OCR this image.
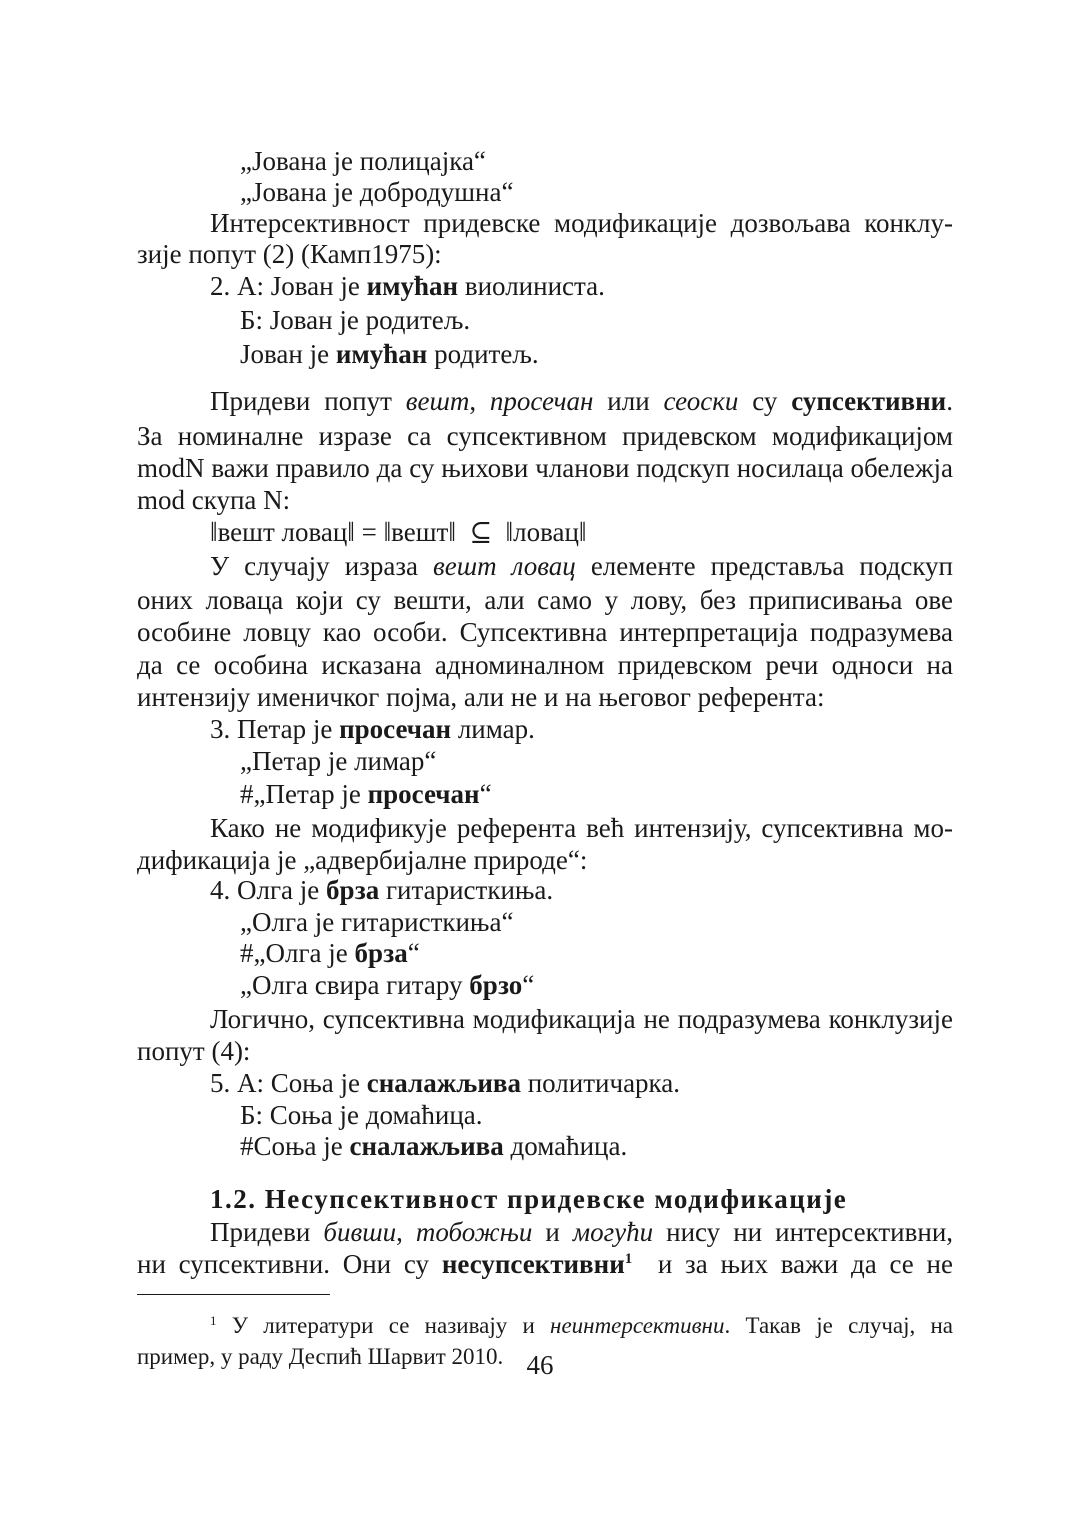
„Јована је полицајка“
„Јована је добродушна“
Интерсективност придевске модификације дозвољава конклу-
зије попут (2) (Камп1975):
2. А: Јован је имућан виолиниста.
Б: Јован је родитељ.
Јован је имућан родитељ.
Придеви попут вешт, просечан или сеоски су супсективни.
За номиналне изразе са супсективном придевском модификацијом
modN важи правило да су њихови чланови подскуп носилаца обележја
mod скупа N:
‖вешт ловац‖ = ‖вешт‖  ⊆  ‖ловац‖
У случају израза вешт ловац елементе представља подскуп
оних ловаца који су вешти, али само у лову, без приписивања ове
особине ловцу као особи. Супсективна интерпретација подразумева
да се особина исказана адноминалном придевском речи односи на
интензију именичког појма, али не и на његовог референта:
3. Петар је просечан лимар.
„Петар је лимар“
#„Петар је просечан“
Како не модификује референта већ интензију, супсективна мо-
дификација је „адвербијалне природе“:
4. Олга је брза гитаристкиња.
„Олга је гитаристкиња“
#„Олга је брза“
„Олга свира гитару брзо“
Логично, супсективна модификација не подразумева конклузије
попут (4):
5. А: Соња је сналажљива политичарка.
Б: Соња је домаћица.
#Соња је сналажљива домаћица.
1.2. Несупсективност придевске модификације
Придеви бивши, тобожњи и могући нису ни интерсективни,
ни супсективни. Они су несупсективни$^1$  и за њих важи да се не
$^1$ У литератури се називају и неинтерсективни. Такав је случај, на
пример, у раду Деспић Шарвит 2010. 46
